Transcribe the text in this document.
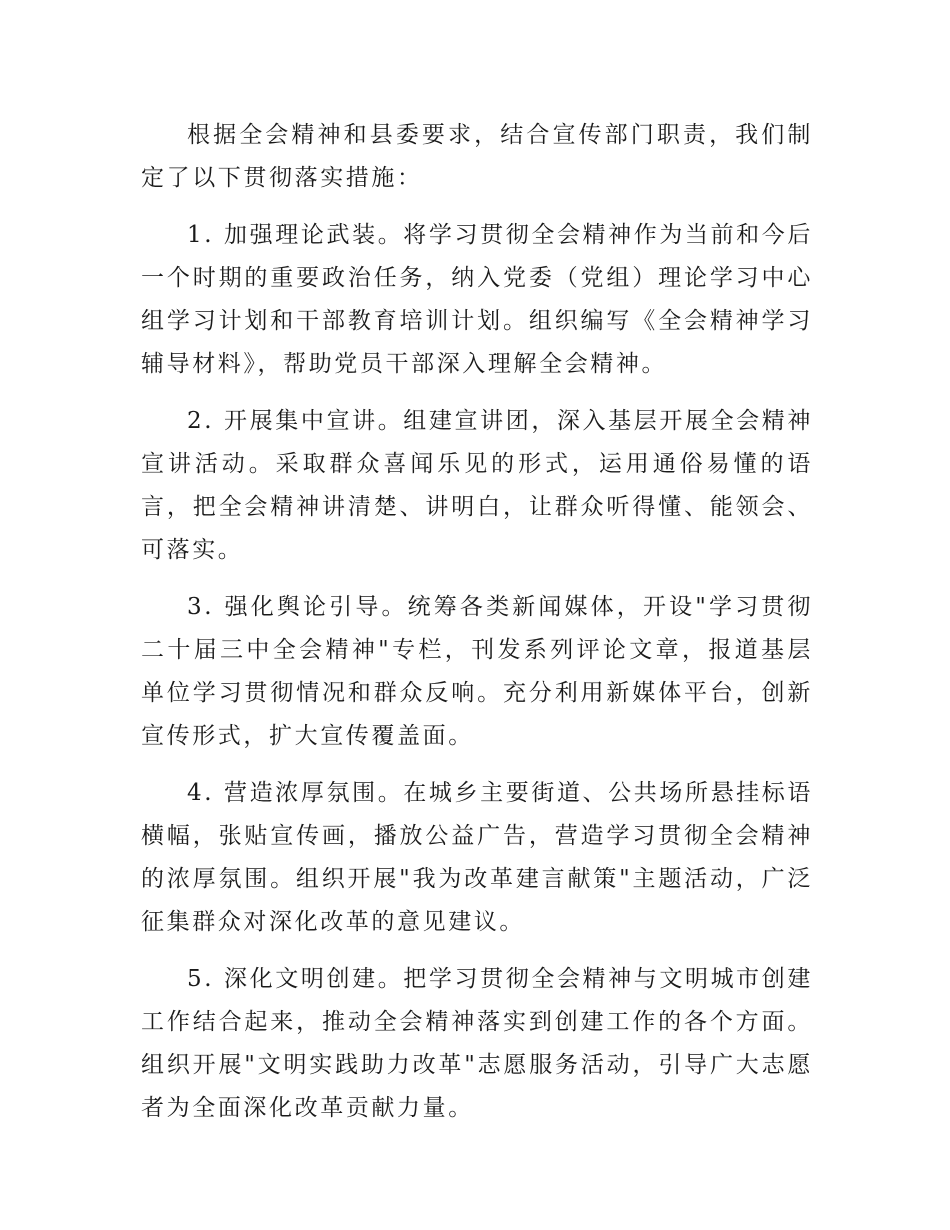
根据全会精神和县委要求，结合宣传部门职责，我们制定了以下贯彻落实措施：

1. 加强理论武装。将学习贯彻全会精神作为当前和今后一个时期的重要政治任务，纳入党委（党组）理论学习中心组学习计划和干部教育培训计划。组织编写《全会精神学习辅导材料》，帮助党员干部深入理解全会精神。

2. 开展集中宣讲。组建宣讲团，深入基层开展全会精神宣讲活动。采取群众喜闻乐见的形式，运用通俗易懂的语言，把全会精神讲清楚、讲明白，让群众听得懂、能领会、可落实。

3. 强化舆论引导。统筹各类新闻媒体，开设"学习贯彻二十届三中全会精神"专栏，刊发系列评论文章，报道基层单位学习贯彻情况和群众反响。充分利用新媒体平台，创新宣传形式，扩大宣传覆盖面。

4. 营造浓厚氛围。在城乡主要街道、公共场所悬挂标语横幅，张贴宣传画，播放公益广告，营造学习贯彻全会精神的浓厚氛围。组织开展"我为改革建言献策"主题活动，广泛征集群众对深化改革的意见建议。

5. 深化文明创建。把学习贯彻全会精神与文明城市创建工作结合起来，推动全会精神落实到创建工作的各个方面。组织开展"文明实践助力改革"志愿服务活动，引导广大志愿者为全面深化改革贡献力量。
